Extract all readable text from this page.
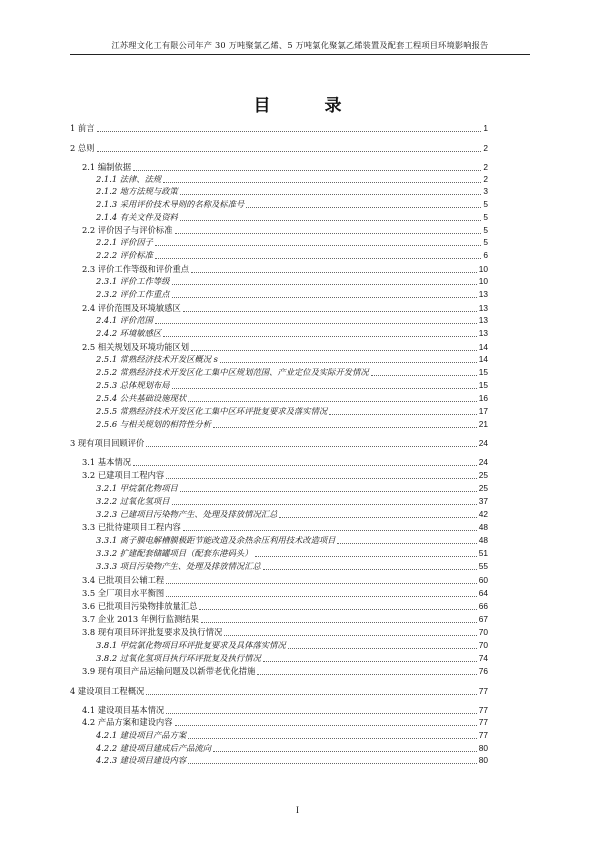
江苏理文化工有限公司年产 30 万吨聚氯乙烯、5 万吨氯化聚氯乙烯装置及配套工程项目环境影响报告
目	录
1 前言	1
2 总则	2
2.1 编制依据	2
2.1.1 法律、法规	2
2.1.2 地方法规与政策	3
2.1.3 采用评价技术导则的名称及标准号	5
2.1.4 有关文件及资料	5
2.2 评价因子与评价标准	5
2.2.1 评价因子	5
2.2.2 评价标准	6
2.3 评价工作等级和评价重点	10
2.3.1 评价工作等级	10
2.3.2 评价工作重点	13
2.4 评价范围及环境敏感区	13
2.4.1 评价范围	13
2.4.2 环境敏感区	13
2.5 相关规划及环境功能区划	14
2.5.1 常熟经济技术开发区概况 s	14
2.5.2 常熟经济技术开发区化工集中区规划范围、产业定位及实际开发情况	15
2.5.3 总体规划布局	15
2.5.4 公共基础设施现状	16
2.5.5 常熟经济技术开发区化工集中区环评批复要求及落实情况	17
2.5.6 与相关规划的相符性分析	21
3 现有项目回顾评价	24
3.1 基本情况	24
3.2 已建项目工程内容	25
3.2.1 甲烷氯化物项目	25
3.2.2 过氧化氢项目	37
3.2.3 已建项目污染物产生、处理及排放情况汇总	42
3.3 已批待建项目工程内容	48
3.3.1 离子膜电解槽膜极距节能改造及余热余压利用技术改造项目	48
3.3.2 扩建配套储罐项目（配套东港码头）	51
3.3.3 项目污染物产生、处理及排放情况汇总	55
3.4 已批项目公辅工程	60
3.5 全厂项目水平衡图	64
3.6 已批项目污染物排放量汇总	66
3.7 企业 2013 年例行监测结果	67
3.8 现有项目环评批复要求及执行情况	70
3.8.1 甲烷氯化物项目环评批复要求及具体落实情况	70
3.8.2 过氧化氢项目执行环评批复及执行情况	74
3.9 现有项目产品运输问题及以新带老优化措施	76
4 建设项目工程概况	77
4.1 建设项目基本情况	77
4.2 产品方案和建设内容	77
4.2.1 建设项目产品方案	77
4.2.2 建设项目建成后产品流向	80
4.2.3 建设项目建设内容	80
I
